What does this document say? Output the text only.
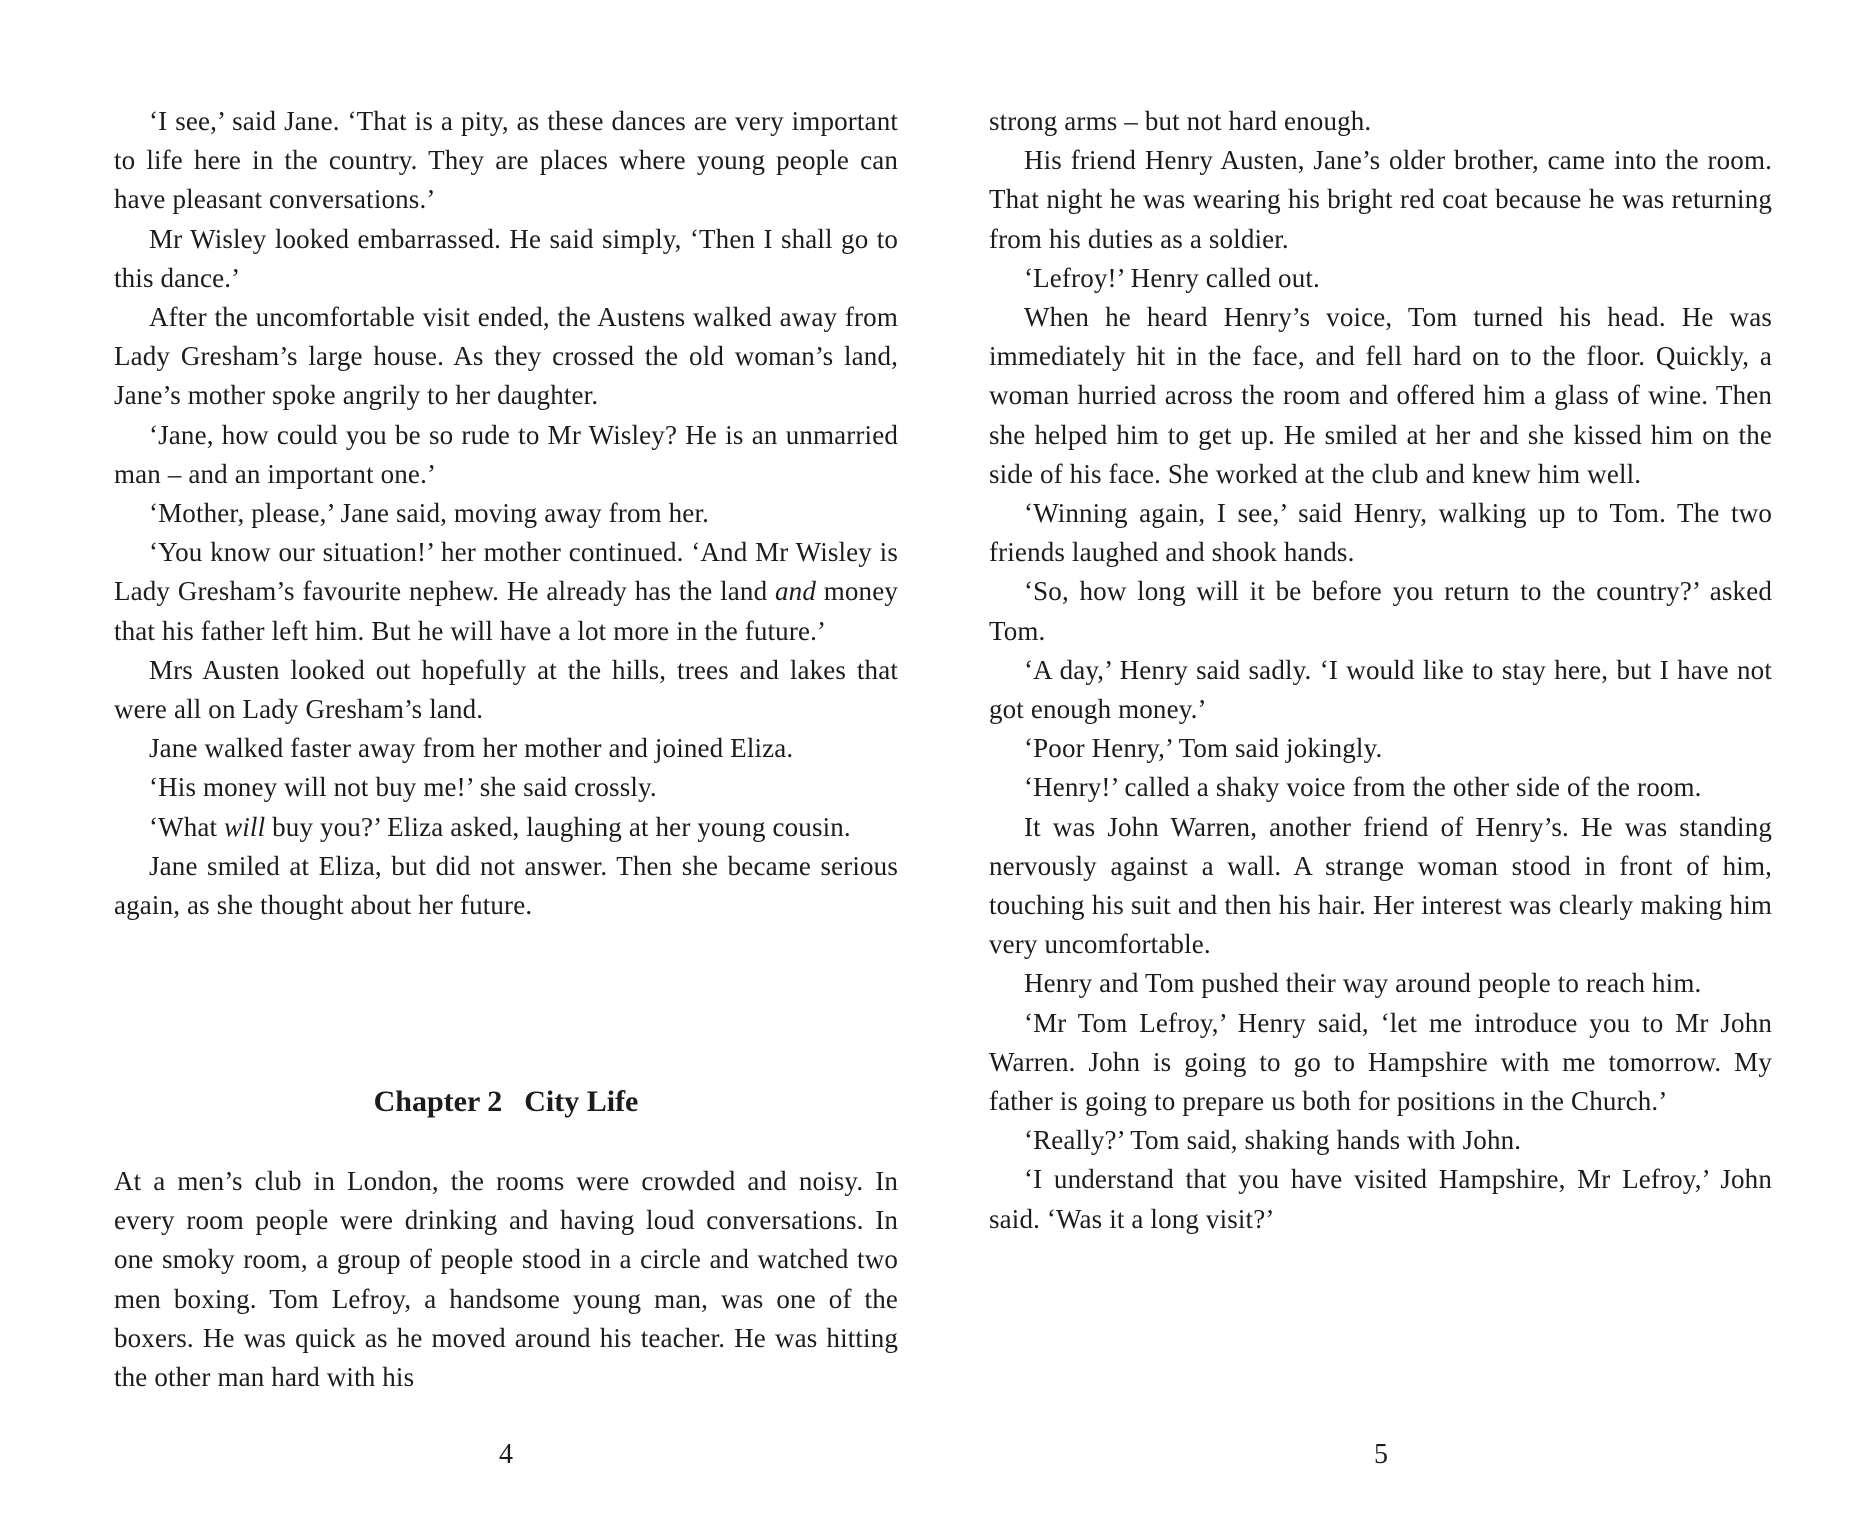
‘I see,’ said Jane. ‘That is a pity, as these dances are very important to life here in the country. They are places where young people can have pleasant conversations.’

Mr Wisley looked embarrassed. He said simply, ‘Then I shall go to this dance.’

After the uncomfortable visit ended, the Austens walked away from Lady Gresham’s large house. As they crossed the old woman’s land, Jane’s mother spoke angrily to her daughter.

‘Jane, how could you be so rude to Mr Wisley? He is an unmarried man – and an important one.’

‘Mother, please,’ Jane said, moving away from her.

‘You know our situation!’ her mother continued. ‘And Mr Wisley is Lady Gresham’s favourite nephew. He already has the land and money that his father left him. But he will have a lot more in the future.’

Mrs Austen looked out hopefully at the hills, trees and lakes that were all on Lady Gresham’s land.

Jane walked faster away from her mother and joined Eliza.

‘His money will not buy me!’ she said crossly.

‘What will buy you?’ Eliza asked, laughing at her young cousin.

Jane smiled at Eliza, but did not answer. Then she became serious again, as she thought about her future.

Chapter 2 City Life

At a men’s club in London, the rooms were crowded and noisy. In every room people were drinking and having loud conversations. In one smoky room, a group of people stood in a circle and watched two men boxing. Tom Lefroy, a handsome young man, was one of the boxers. He was quick as he moved around his teacher. He was hitting the other man hard with his

4

strong arms – but not hard enough.

His friend Henry Austen, Jane’s older brother, came into the room. That night he was wearing his bright red coat because he was returning from his duties as a soldier.

‘Lefroy!’ Henry called out.

When he heard Henry’s voice, Tom turned his head. He was immediately hit in the face, and fell hard on to the floor. Quickly, a woman hurried across the room and offered him a glass of wine. Then she helped him to get up. He smiled at her and she kissed him on the side of his face. She worked at the club and knew him well.

‘Winning again, I see,’ said Henry, walking up to Tom. The two friends laughed and shook hands.

‘So, how long will it be before you return to the country?’ asked Tom.

‘A day,’ Henry said sadly. ‘I would like to stay here, but I have not got enough money.’

‘Poor Henry,’ Tom said jokingly.

‘Henry!’ called a shaky voice from the other side of the room.

It was John Warren, another friend of Henry’s. He was standing nervously against a wall. A strange woman stood in front of him, touching his suit and then his hair. Her interest was clearly making him very uncomfortable.

Henry and Tom pushed their way around people to reach him.

‘Mr Tom Lefroy,’ Henry said, ‘let me introduce you to Mr John Warren. John is going to go to Hampshire with me tomorrow. My father is going to prepare us both for positions in the Church.’

‘Really?’ Tom said, shaking hands with John.

‘I understand that you have visited Hampshire, Mr Lefroy,’ John said. ‘Was it a long visit?’

5
